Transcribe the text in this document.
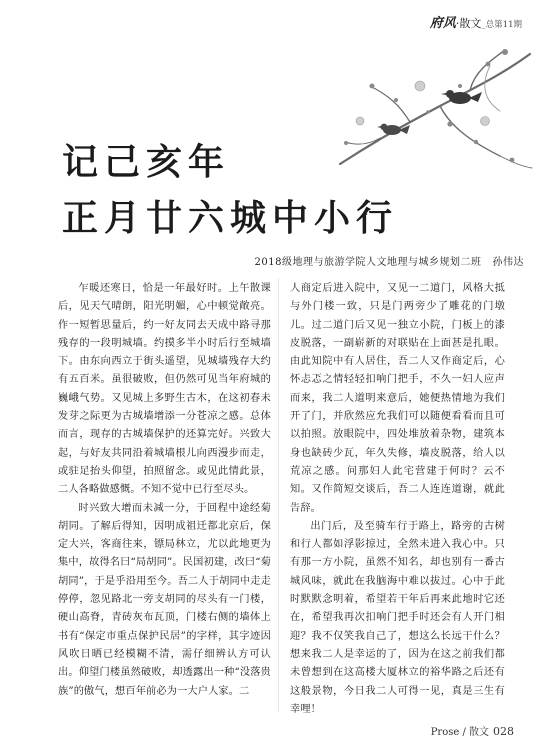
府风·散文_总第11期
记己亥年
正月廿六城中小行
2018级地理与旅游学院人文地理与城乡规划二班 孙伟达

乍暖还寒日，恰是一年最好时。上午散课后，见天气晴朗，阳光明媚，心中顿觉敞亮。作一短暂思量后，约一好友同去天成中路寻那残存的一段明城墙。约摸多半小时后行至城墙下。由东向西立于街头遥望，见城墙残存大约有五百米。虽很破败，但仍然可见当年府城的巍峨气势。又见城上多野生古木，在这初春未发芽之际更为古城墙增添一分苍凉之感。总体而言，现存的古城墙保护的还算完好。兴致大起，与好友共同沿着城墙根儿向西漫步而走，或驻足抬头仰望，拍照留念。或见此情此景，二人各略做感慨。不知不觉中已行至尽头。

时兴致大增而未减一分，于回程中途经菊胡同。了解后得知，因明成祖迁都北京后，保定大兴，客商往来，镖局林立，尤以此地更为集中，故得名曰“局胡同”。民国初建，改曰“菊胡同”，于是乎沿用至今。吾二人于胡同中走走停停，忽见路北一旁支胡同的尽头有一门楼，硬山高脊，青砖灰布瓦顶，门楼右侧的墙体上书有“保定市重点保护民居”的字样，其字迹因风吹日晒已经模糊不清，需仔细辨认方可认出。仰望门楼虽然破败，却透露出一种“没落贵族”的傲气，想百年前必为一大户人家。二

人商定后进入院中，又见一二道门，风格大抵与外门楼一致，只是门两旁少了雕花的门墩儿。过二道门后又见一独立小院，门板上的漆皮脱落，一副崭新的对联贴在上面甚是扎眼。由此知院中有人居住，吾二人又作商定后，心怀忐忑之情轻轻扣响门把手，不久一妇人应声而来，我二人道明来意后，她便热情地为我们开了门，并欣然应允我们可以随便看看而且可以拍照。放眼院中，四处堆放着杂物，建筑本身也缺砖少瓦，年久失修，墙皮脱落，给人以荒凉之感。问那妇人此宅营建于何时？云不知。又作简短交谈后，吾二人连连道谢，就此告辞。

出门后，及至骑车行于路上，路旁的古树和行人都如浮影掠过，全然未进入我心中。只有那一方小院，虽然不知名，却也别有一番古城风味，就此在我脑海中难以拔过。心中于此时默默念明着，希望若干年后再来此地时它还在，希望我再次扣响门把手时还会有人开门相迎？我不仅笑我自己了，想这么长远干什么？想来我二人是幸运的了，因为在这之前我们都未曾想到在这高楼大厦林立的裕华路之后还有这般景物，今日我二人可得一见，真是三生有幸哩！

Prose / 散文 028
